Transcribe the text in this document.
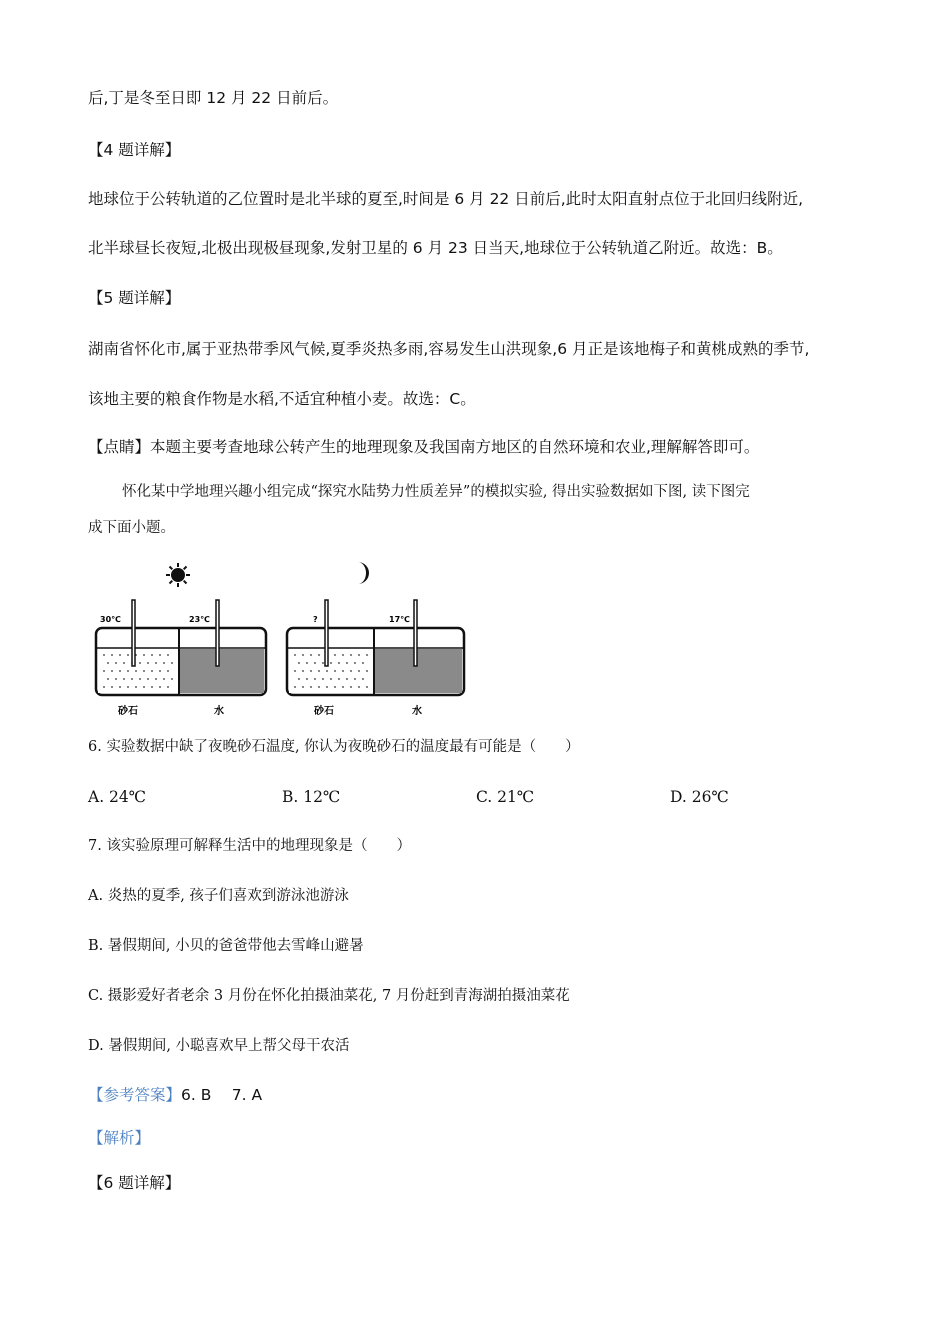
后,丁是冬至日即 12 月 22 日前后。
【4 题详解】
地球位于公转轨道的乙位置时是北半球的夏至,时间是 6 月 22 日前后,此时太阳直射点位于北回归线附近,
北半球昼长夜短,北极出现极昼现象,发射卫星的 6 月 23 日当天,地球位于公转轨道乙附近。故选：B。
【5 题详解】
湖南省怀化市,属于亚热带季风气候,夏季炎热多雨,容易发生山洪现象,6 月正是该地梅子和黄桃成熟的季节,
该地主要的粮食作物是水稻,不适宜种植小麦。故选：C。
【点睛】本题主要考查地球公转产生的地理现象及我国南方地区的自然环境和农业,理解解答即可。
怀化某中学地理兴趣小组完成“探究水陆势力性质差异”的模拟实验, 得出实验数据如下图, 读下图完
成下面小题。
30℃	23℃
砂石	水
?	17℃
砂石	水
6. 实验数据中缺了夜晚砂石温度, 你认为夜晚砂石的温度最有可能是（　　）
A. 24℃	B. 12℃	C. 21℃	D. 26℃
7. 该实验原理可解释生活中的地理现象是（　　）
A. 炎热的夏季, 孩子们喜欢到游泳池游泳
B. 暑假期间, 小贝的爸爸带他去雪峰山避暑
C. 摄影爱好者老余 3 月份在怀化拍摄油菜花, 7 月份赶到青海湖拍摄油菜花
D. 暑假期间, 小聪喜欢早上帮父母干农活
【参考答案】6. B　 7. A
【解析】
【6 题详解】
